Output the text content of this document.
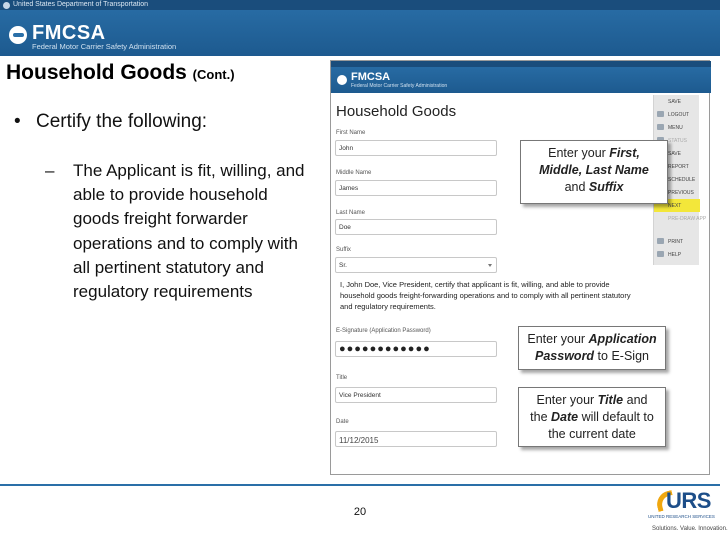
United States Department of Transportation
FMCSA
Federal Motor Carrier Safety Administration
Household Goods (Cont.)
• Certify the following:
–	The Applicant is fit, willing, and able to provide household goods freight forwarder operations and to comply with all pertinent statutory and regulatory requirements
FMCSA
Federal Motor Carrier Safety Administration
Household Goods
First Name
John
Middle Name
James
Last Name
Doe
Suffix
Sr.
I, John Doe, Vice President, certify that applicant is fit, willing, and able to provide household goods freight-forwarding operations and to comply with all pertinent statutory and regulatory requirements.
E-Signature (Application Password)
●●●●●●●●●●●●
Title
Vice President
Date
11/12/2015
SAVE
LOGOUT
MENU
STATUS
SAVE
REPORT
SCHEDULE
PREVIOUS
NEXT
PRE-DRAW APP
PRINT
HELP
Enter your First,
Middle, Last Name
and Suffix
Enter your Application
Password to E-Sign
Enter your Title and
the Date will default to
the current date
20	URS
UNITED RESEARCH SERVICES
Solutions. Value. Innovation.
